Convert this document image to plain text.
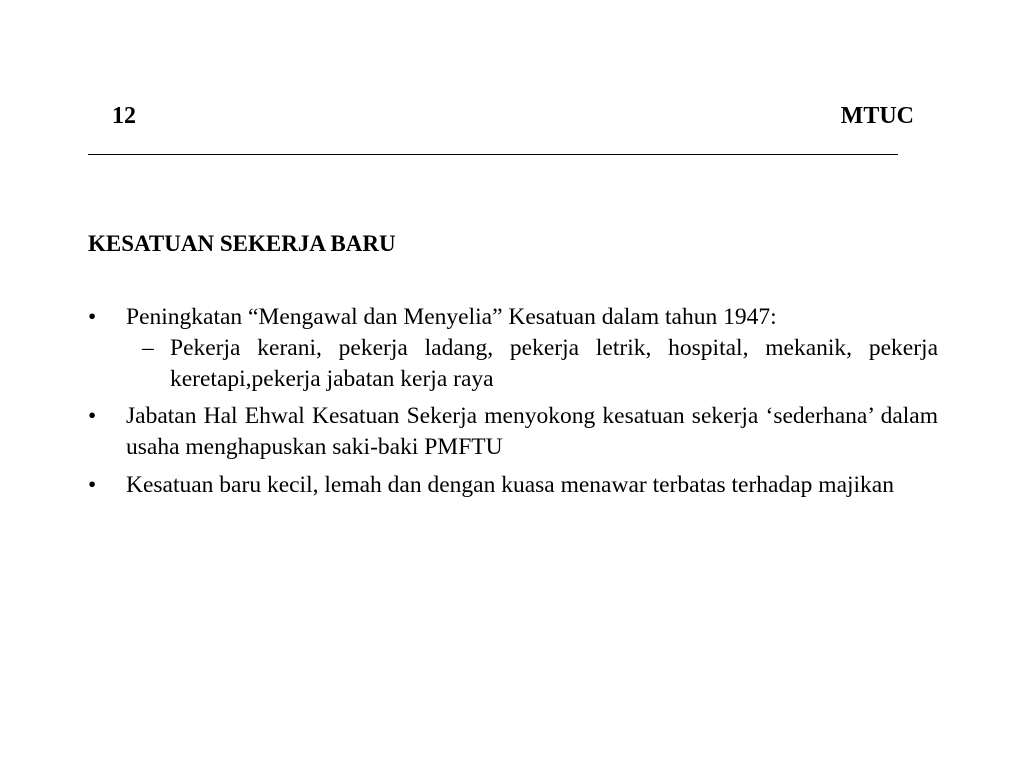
12	MTUC
KESATUAN SEKERJA BARU
• Peningkatan “Mengawal dan Menyelia” Kesatuan dalam tahun 1947:
– Pekerja kerani, pekerja ladang, pekerja letrik, hospital, mekanik, pekerja keretapi,pekerja jabatan kerja raya
• Jabatan Hal Ehwal Kesatuan Sekerja menyokong kesatuan sekerja ‘sederhana’ dalam usaha menghapuskan saki-baki PMFTU
• Kesatuan baru kecil, lemah dan dengan kuasa menawar terbatas terhadap majikan
